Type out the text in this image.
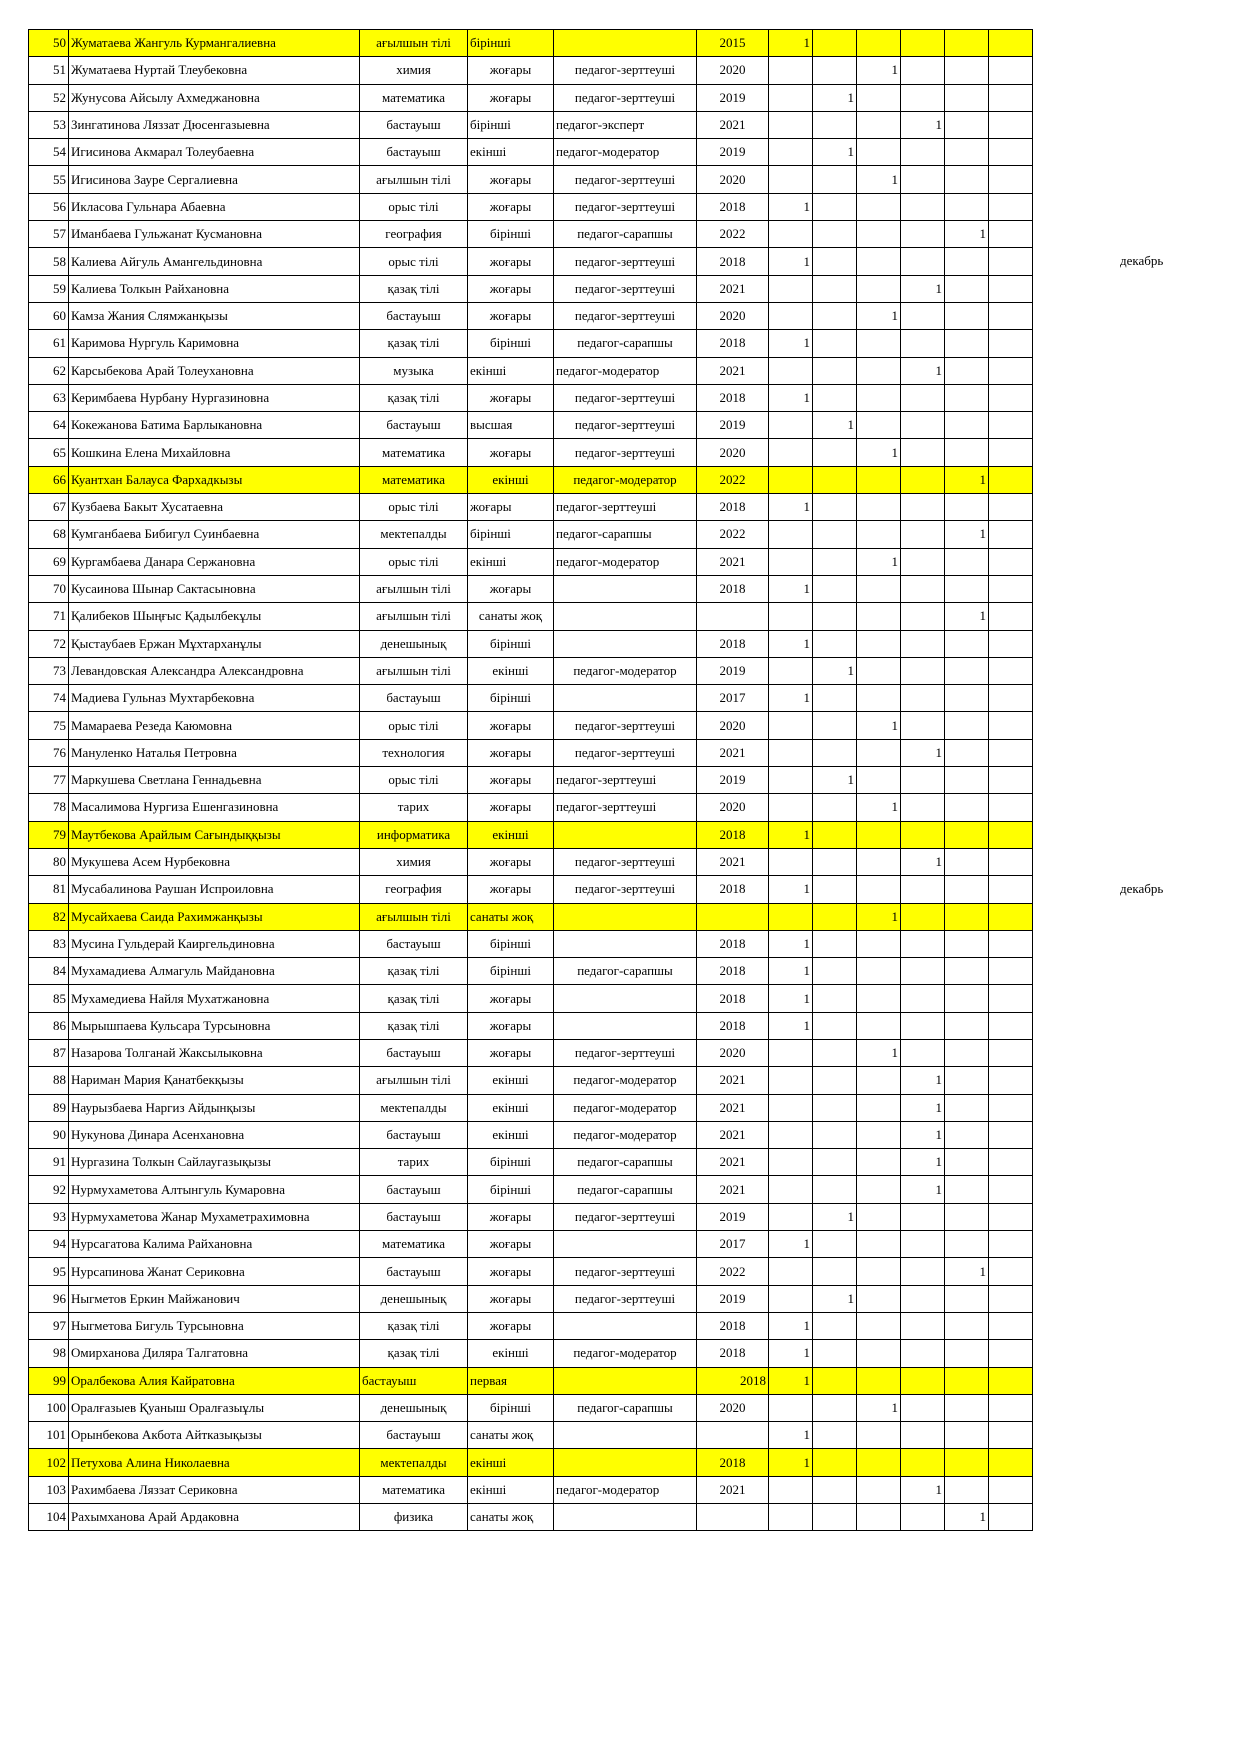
50	Жуматаева Жангуль Курмангалиевна	ағылшын тілі	бірінші		2015	1					
51	Жуматаева Нуртай Тлеубековна	химия	жоғары	педагог-зерттеуші	2020			1			
52	Жунусова Айсылу Ахмеджановна	математика	жоғары	педагог-зерттеуші	2019		1				
53	Зингатинова Ляззат Дюсенгазыевна	бастауыш	бірінші	педагог-эксперт	2021				1		
54	Игисинова Акмарал Толеубаевна	бастауыш	екінші	педагог-модератор	2019		1				
55	Игисинова Зауре Сергалиевна	ағылшын тілі	жоғары	педагог-зерттеуші	2020			1			
56	Икласова Гульнара Абаевна	орыс тілі	жоғары	педагог-зерттеуші	2018	1					
57	Иманбаева Гульжанат Кусмановна	география	бірінші	педагог-сарапшы	2022					1	
58	Калиева Айгуль Амангельдиновна	орыс тілі	жоғары	педагог-зерттеуші	2018	1					
59	Калиева Толкын Райхановна	қазақ тілі	жоғары	педагог-зерттеуші	2021				1		
60	Камза Жания Слямжанқызы	бастауыш	жоғары	педагог-зерттеуші	2020			1			
61	Каримова Нургуль Каримовна	қазақ тілі	бірінші	педагог-сарапшы	2018	1					
62	Карсыбекова Арай Толеухановна	музыка	екінші	педагог-модератор	2021				1		
63	Керимбаева Нурбану Нургазиновна	қазақ тілі	жоғары	педагог-зерттеуші	2018	1					
64	Кокежанова Батима Барлыкановна	бастауыш	высшая	педагог-зерттеуші	2019		1				
65	Кошкина Елена Михайловна	математика	жоғары	педагог-зерттеуші	2020			1			
66	Куантхан Балауса Фархадкызы	математика	екінші	педагог-модератор	2022					1	
67	Кузбаева Бакыт Хусатаевна	орыс тілі	жоғары	педагог-зерттеуші	2018	1					
68	Кумганбаева Бибигул Суинбаевна	мектепалды	бірінші	педагог-сарапшы	2022					1	
69	Кургамбаева Данара Сержановна	орыс тілі	екінші	педагог-модератор	2021			1			
70	Кусаинова Шынар Сактасыновна	ағылшын тілі	жоғары		2018	1					
71	Қалибеков Шыңғыс Қадылбекұлы	ағылшын тілі	санаты жоқ							1	
72	Қыстаубаев Ержан Мұхтарханұлы	денешынық	бірінші		2018	1					
73	Левандовская Александра Александровна	ағылшын тілі	екінші	педагог-модератор	2019		1				
74	Мадиева Гульназ Мухтарбековна	бастауыш	бірінші		2017	1					
75	Мамараева Резеда Каюмовна	орыс тілі	жоғары	педагог-зерттеуші	2020			1			
76	Мануленко Наталья Петровна	технология	жоғары	педагог-зерттеуші	2021				1		
77	Маркушева Светлана Геннадьевна	орыс тілі	жоғары	педагог-зерттеуші	2019		1				
78	Масалимова Нургиза Ешенгазиновна	тарих	жоғары	педагог-зерттеуші	2020			1			
79	Маутбекова Арайлым Сағындыққызы	информатика	екінші		2018	1					
80	Мукушева Асем Нурбековна	химия	жоғары	педагог-зерттеуші	2021				1		
81	Мусабалинова Раушан Испроиловна	география	жоғары	педагог-зерттеуші	2018	1					
82	Мусайхаева Саида Рахимжанқызы	ағылшын тілі	санаты жоқ					1			
83	Мусина Гульдерай Каиргельдиновна	бастауыш	бірінші		2018	1					
84	Мухамадиева Алмагуль Майдановна	қазақ тілі	бірінші	педагог-сарапшы	2018	1					
85	Мухамедиева Найля Мухатжановна	қазақ тілі	жоғары		2018	1					
86	Мырышпаева Кульсара Турсыновна	қазақ тілі	жоғары		2018	1					
87	Назарова Толганай Жаксылыковна	бастауыш	жоғары	педагог-зерттеуші	2020			1			
88	Нариман Мария Қанатбекқызы	ағылшын тілі	екінші	педагог-модератор	2021				1		
89	Наурызбаева Наргиз Айдынқызы	мектепалды	екінші	педагог-модератор	2021				1		
90	Нукунова Динара Асенхановна	бастауыш	екінші	педагог-модератор	2021				1		
91	Нургазина Толкын Сайлаугазықызы	тарих	бірінші	педагог-сарапшы	2021				1		
92	Нурмухаметова Алтынгуль Кумаровна	бастауыш	бірінші	педагог-сарапшы	2021				1		
93	Нурмухаметова Жанар Мухаметрахимовна	бастауыш	жоғары	педагог-зерттеуші	2019		1				
94	Нурсагатова Калима Райхановна	математика	жоғары		2017	1					
95	Нурсапинова Жанат Сериковна	бастауыш	жоғары	педагог-зерттеуші	2022					1	
96	Ныгметов Еркин Майжанович	денешынық	жоғары	педагог-зерттеуші	2019		1				
97	Ныгметова Бигуль Турсыновна	қазақ тілі	жоғары		2018	1					
98	Омирханова Диляра Талгатовна	қазақ тілі	екінші	педагог-модератор	2018	1					
99	Оралбекова Алия Кайратовна	бастауыш	первая		2018	1					
100	Оралғазыев Қуаныш Оралғазыұлы	денешынық	бірінші	педагог-сарапшы	2020			1			
101	Орынбекова Акбота Айтказықызы	бастауыш	санаты жоқ			1					
102	Петухова Алина Николаевна	мектепалды	екінші		2018	1					
103	Рахимбаева Ляззат Сериковна	математика	екінші	педагог-модератор	2021				1		
104	Рахымханова Арай Ардаковна	физика	санаты жоқ							1	
декабрь
декабрь
